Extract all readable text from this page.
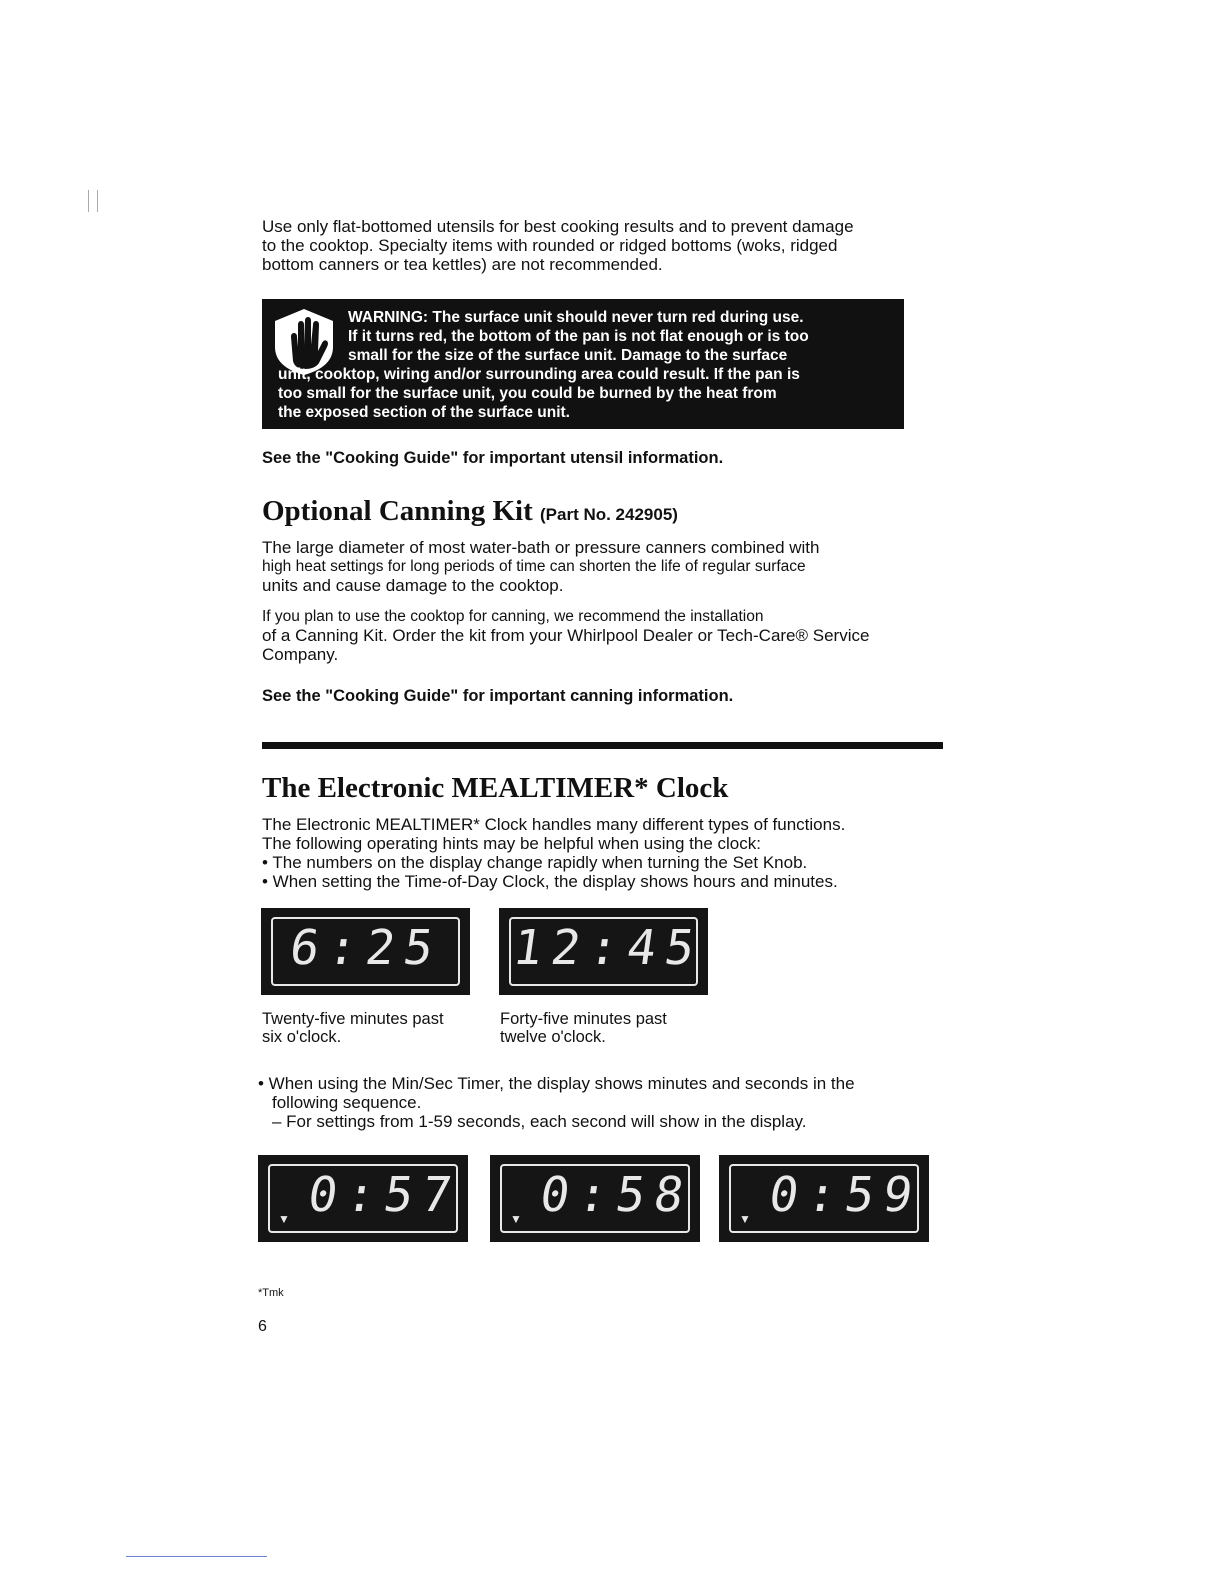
Use only flat-bottomed utensils for best cooking results and to prevent damage
to the cooktop. Specialty items with rounded or ridged bottoms (woks, ridged
bottom canners or tea kettles) are not recommended.
WARNING: The surface unit should never turn red during use.
If it turns red, the bottom of the pan is not flat enough or is too
small for the size of the surface unit. Damage to the surface
unit, cooktop, wiring and/or surrounding area could result. If the pan is
too small for the surface unit, you could be burned by the heat from
the exposed section of the surface unit.
See the "Cooking Guide" for important utensil information.
Optional Canning Kit (Part No. 242905)
The large diameter of most water-bath or pressure canners combined with
high heat settings for long periods of time can shorten the life of regular surface
units and cause damage to the cooktop.
If you plan to use the cooktop for canning, we recommend the installation
of a Canning Kit. Order the kit from your Whirlpool Dealer or Tech-Care® Service
Company.
See the "Cooking Guide" for important canning information.
The Electronic MEALTIMER* Clock
The Electronic MEALTIMER* Clock handles many different types of functions.
The following operating hints may be helpful when using the clock:
• The numbers on the display change rapidly when turning the Set Knob.
• When setting the Time-of-Day Clock, the display shows hours and minutes.
6:25	12:45
Twenty-five minutes past
six o'clock.
Forty-five minutes past
twelve o'clock.
• When using the Min/Sec Timer, the display shows minutes and seconds in the
following sequence.
– For settings from 1-59 seconds, each second will show in the display.
0:57
▼	0:58
▼	0:59
▼
*Tmk
6
